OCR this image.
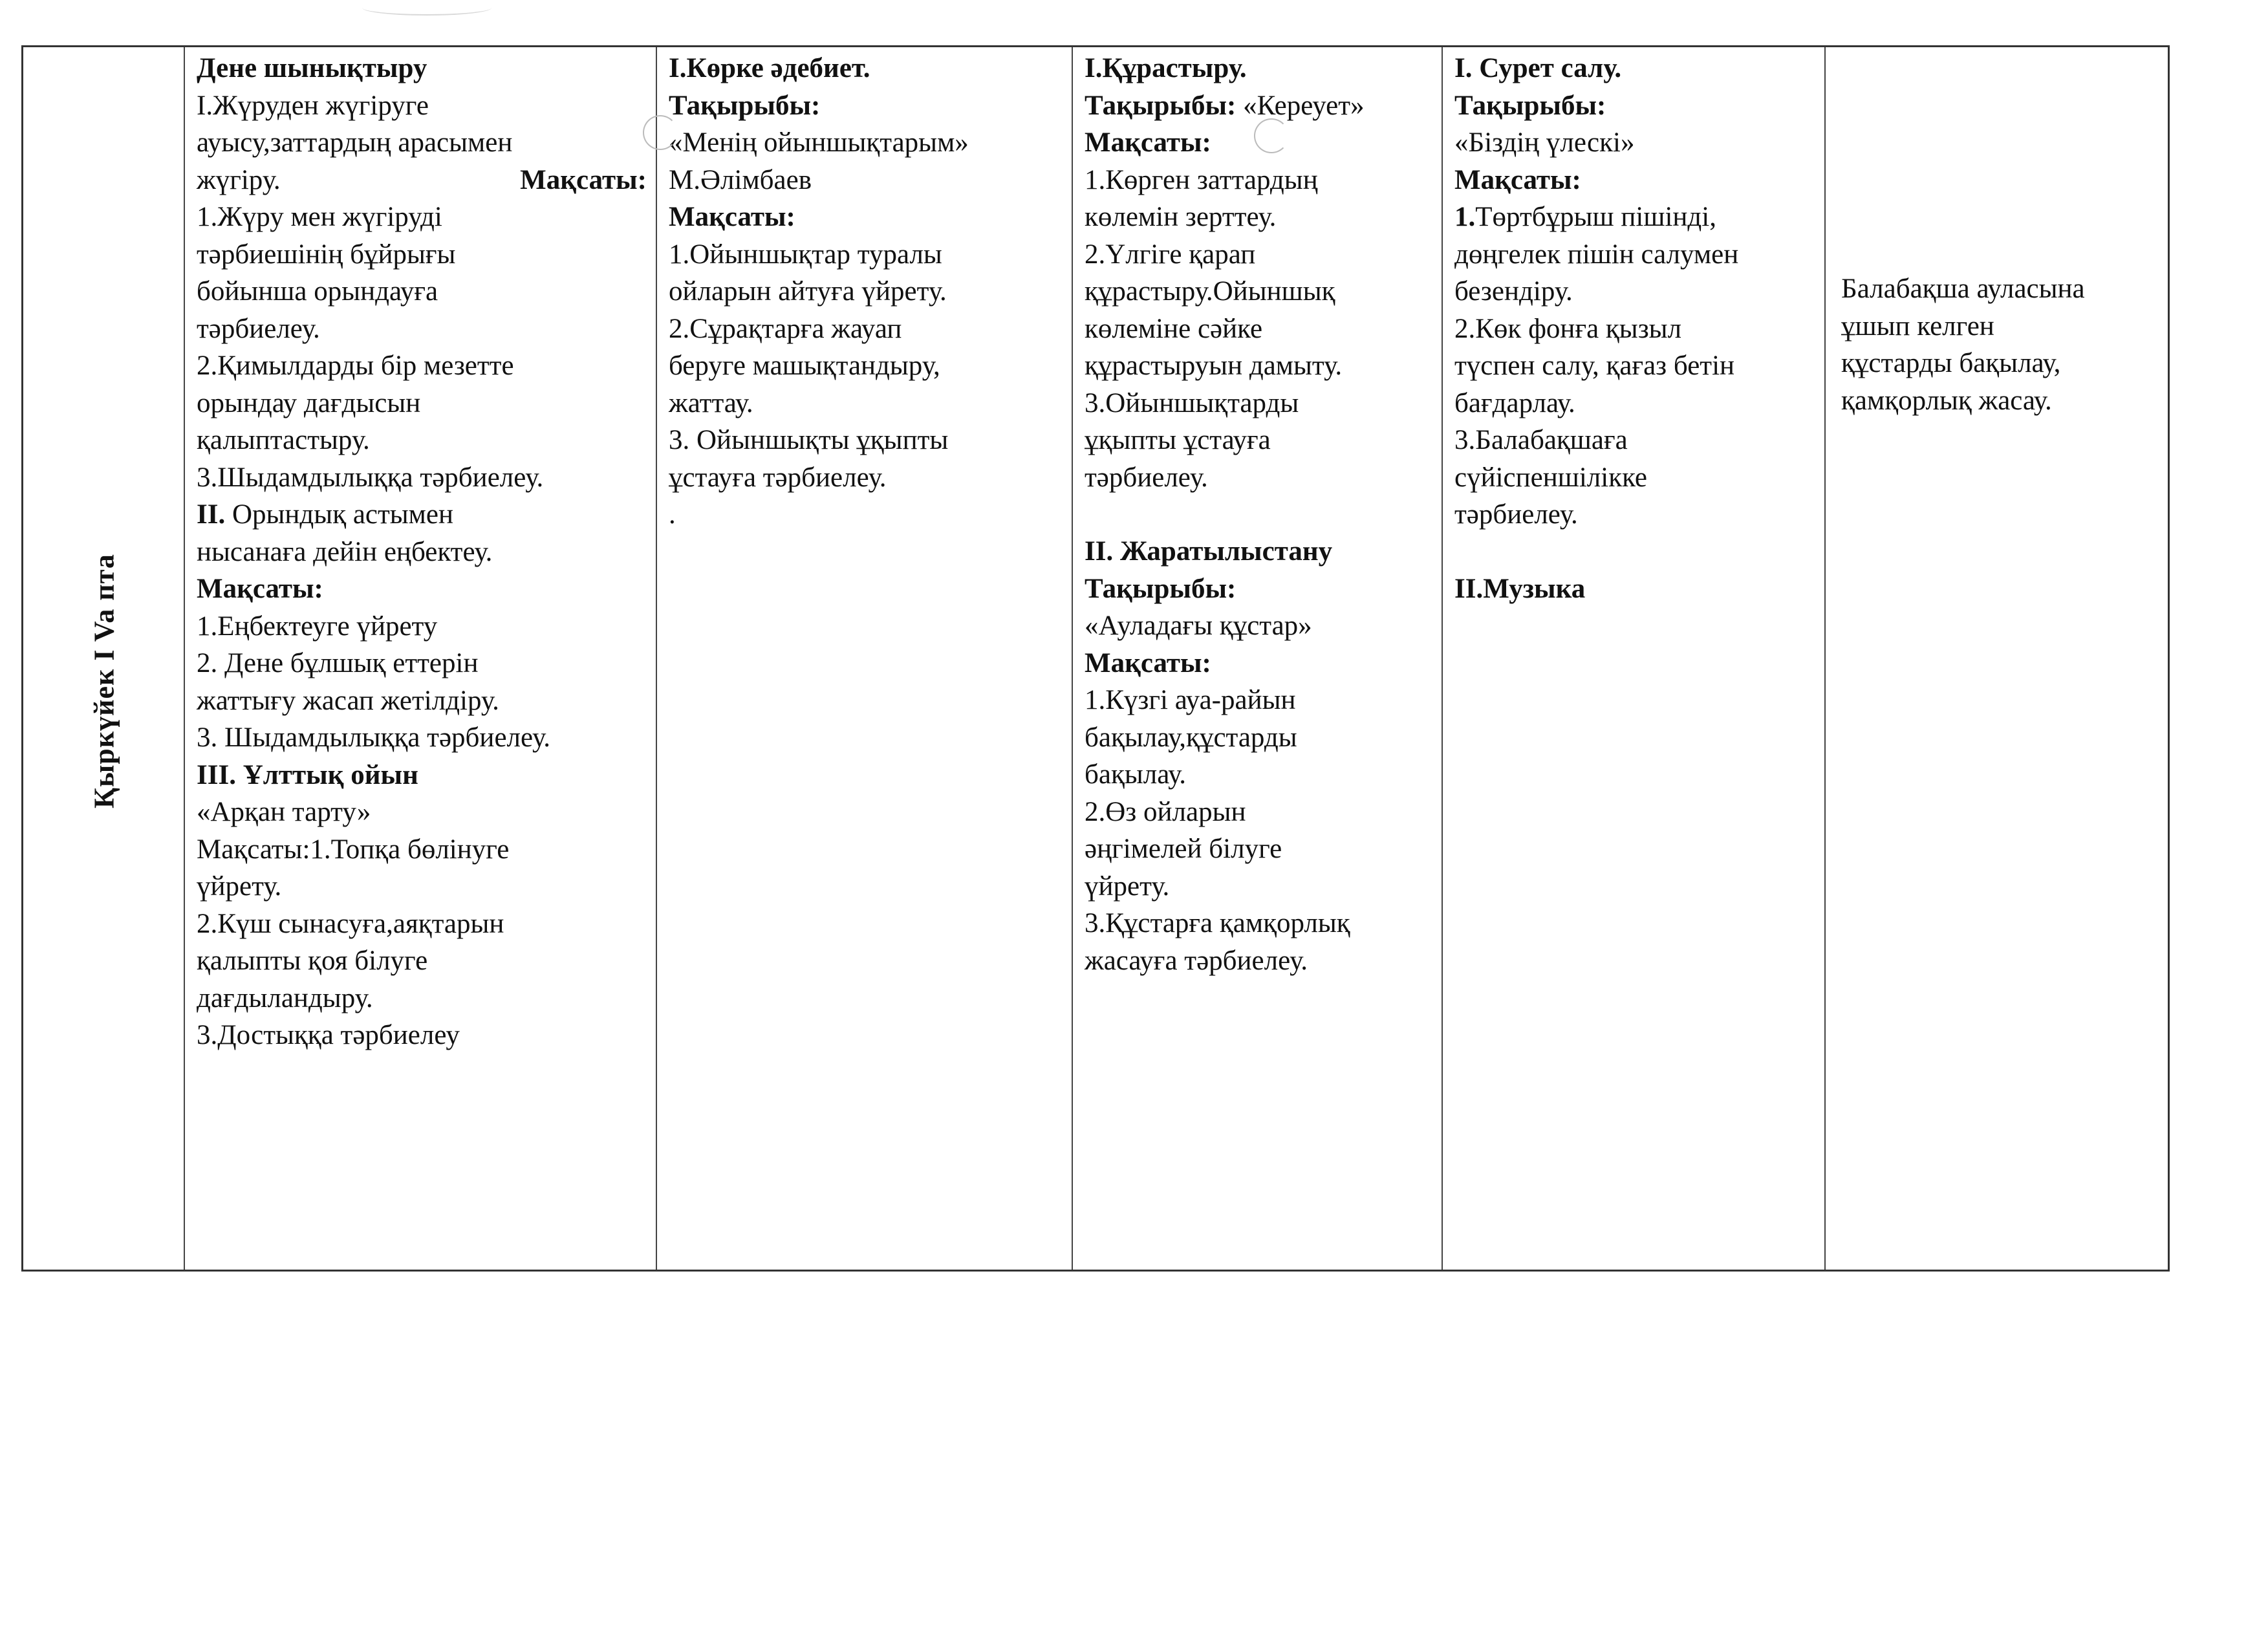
Қыркүйек I Va пта
Дене шынықтыру
І.Жүруден жүгіруге
ауысу,заттардың арасымен
жүгіру.	Мақсаты:
1.Жүру мен жүгіруді
тәрбиешінің бұйрығы
бойынша орындауға
тәрбиелеу.
2.Қимылдарды бір мезетте
орындау дағдысын
қалыптастыру.
3.Шыдамдылыққа тәрбиелеу.
ІІ. Орындық астымен
нысанаға дейін еңбектеу.
Мақсаты:
1.Еңбектеуге үйрету
2. Дене бұлшық еттерін
жаттығу жасап жетілдіру.
3. Шыдамдылыққа тәрбиелеу.
ІІІ. Ұлттық ойын
«Арқан тарту»
Мақсаты:1.Топқа бөлінуге
үйрету.
2.Күш сынасуға,аяқтарын
қалыпты қоя білуге
дағдыландыру.
3.Достыққа тәрбиелеу
І.Көрке әдебиет.
Тақырыбы:
«Менің ойыншықтарым»
М.Әлімбаев
Мақсаты:
1.Ойыншықтар туралы
ойларын айтуға үйрету.
2.Сұрақтарға жауап
беруге машықтандыру,
жаттау.
3. Ойыншықты ұқыпты
ұстауға тәрбиелеу.
.
І.Құрастыру.
Тақырыбы: «Кереует»
Мақсаты:
1.Көрген заттардың
көлемін зерттеу.
2.Үлгіге қарап
құрастыру.Ойыншық
көлеміне сәйке
құрастыруын дамыту.
3.Ойыншықтарды
ұқыпты ұстауға
тәрбиелеу.
ІІ. Жаратылыстану
Тақырыбы:
«Ауладағы құстар»
Мақсаты:
1.Күзгі ауа-райын
бақылау,құстарды
бақылау.
2.Өз ойларын
әңгімелей білуге
үйрету.
3.Құстарға қамқорлық
жасауға тәрбиелеу.
І. Сурет салу.
Тақырыбы:
«Біздің үлескі»
Мақсаты:
1.Төртбұрыш пішінді,
дөңгелек пішін салумен
безендіру.
2.Көк фонға қызыл
түспен салу, қағаз бетін
бағдарлау.
3.Балабақшаға
сүйіспеншілікке
тәрбиелеу.
ІІ.Музыка
Балабақша ауласына
ұшып келген
құстарды бақылау,
қамқорлық жасау.
